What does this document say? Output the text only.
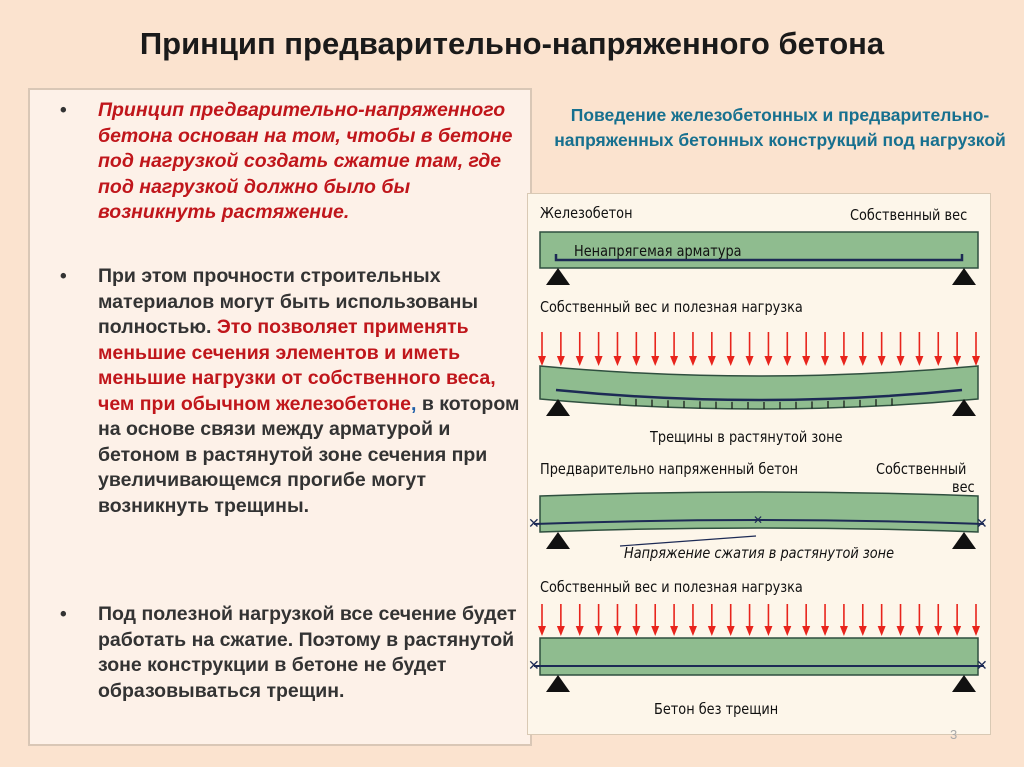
Принцип предварительно-напряженного бетона
• Принцип предварительно-напряженного бетона основан на том, чтобы в бетоне под нагрузкой создать сжатие там, где под нагрузкой должно было бы возникнуть растяжение.
• При этом прочности строительных материалов могут быть использованы полностью. Это позволяет применять меньшие сечения элементов и иметь меньшие нагрузки от собственного веса, чем при обычном железобетоне, в котором на основе связи между арматурой и бетоном в растянутой зоне сечения при увеличивающемся прогибе могут возникнуть трещины.
• Под полезной нагрузкой все сечение будет работать на сжатие. Поэтому в растянутой зоне конструкции в бетоне не будет образовываться трещин.
Поведение железобетонных и предварительно-напряженных бетонных конструкций под нагрузкой
✕	✕
✕
✕	✕
Железобетон	Собственный вес
Ненапрягемая арматура
Собственный вес и полезная нагрузка
Трещины в растянутой зоне
Предварительно напряженный бетон	Собственный
вес
Напряжение сжатия в растянутой зоне
Собственный вес и полезная нагрузка
Бетон без трещин
3
